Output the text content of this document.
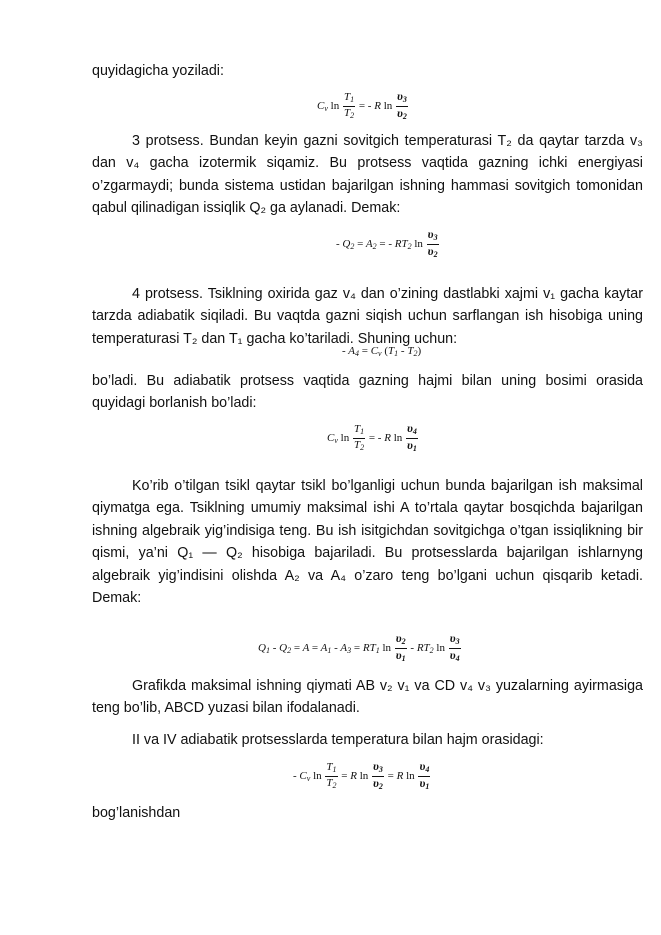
quyidagicha yoziladi:
$C_v$ $\ln \frac{T_1}{T_2}$ = - R $\ln \frac{\upsilon_3}{\upsilon_2}$

3 protsess. Bundan keyin gazni sovitgich temperaturasi T₂ da qaytar tarzda v₃ dan v₄ gacha izotermik siqamiz. Bu protsess vaqtida gazning ichki energiyasi o’zgarmaydi; bunda sistema ustidan bajarilgan ishning hammasi sovitgich tomonidan qabul qilinadigan issiqlik Q₂ ga aylanadi. Demak:

- $Q_2 = A_2$ = - $RT_2$ $\ln \frac{\upsilon_3}{\upsilon_2}$

4 protsess. Tsiklning oxirida gaz v₄ dan o’zining dastlabki xajmi v₁ gacha kaytar tarzda adiabatik siqiladi. Bu vaqtda gazni siqish uchun sarflangan ish hisobiga uning temperaturasi T₂ dan T₁ gacha ko’tariladi. Shuning uchun:

- $A_4 = C_v$ $(T_1 - T_2)$

bo’ladi. Bu adiabatik protsess vaqtida gazning hajmi bilan uning bosimi orasida quyidagi borlanish bo’ladi:

$C_v$ $\ln \frac{T_1}{T_2}$ = - R $\ln \frac{\upsilon_4}{\upsilon_1}$

Ko’rib o’tilgan tsikl qaytar tsikl bo’lganligi uchun bunda bajarilgan ish maksimal qiymatga ega. Tsiklning umumiy maksimal ishi A to’rtala qaytar bosqichda bajarilgan ishning algebraik yig’indisiga teng. Bu ish isitgichdan sovitgichga o’tgan issiqlikning bir qismi, ya’ni Q₁ — Q₂ hisobiga bajariladi. Bu protsesslarda bajarilgan ishlarnyng algebraik yig’indisini olishda A₂ va A₄ o’zaro teng bo’lgani uchun qisqarib ketadi. Demak:

$Q_1 - Q_2 = A = A_1 - A_3 = RT_1$ $\ln \frac{\upsilon_2}{\upsilon_1} - RT_2$ $\ln \frac{\upsilon_3}{\upsilon_4}$

Grafikda maksimal ishning qiymati AB v₂ v₁ va CD v₄ v₃ yuzalarning ayirmasiga teng bo’lib, ABCD yuzasi bilan ifodalanadi.

II va IV adiabatik protsesslarda temperatura bilan hajm orasidagi:
- $C_v$ $\ln \frac{T_1}{T_2} = R$ $\ln \frac{\upsilon_3}{\upsilon_2} = R$ $\ln \frac{\upsilon_4}{\upsilon_1}$
bog’lanishdan
